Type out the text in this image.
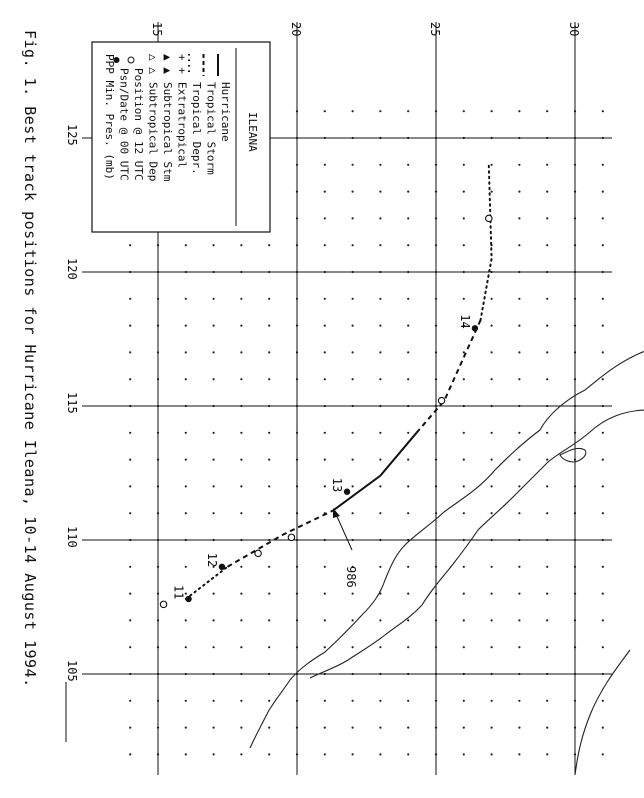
11
12
13
14
986
15	20	25	30
125
120
115
110
105
ILEANA
Hurricane
Tropical Storm
Tropical Depr.
+ +
Extratropical
▲ ▲
Subtropical Stm
△ △
Subtropical Dep
Position @ 12 UTC
Psn/Date @ 00 UTC
PPP Min. Pres. (mb)
Fig. 1. Best track positions for Hurricane Ileana, 10-14 August 1994.
